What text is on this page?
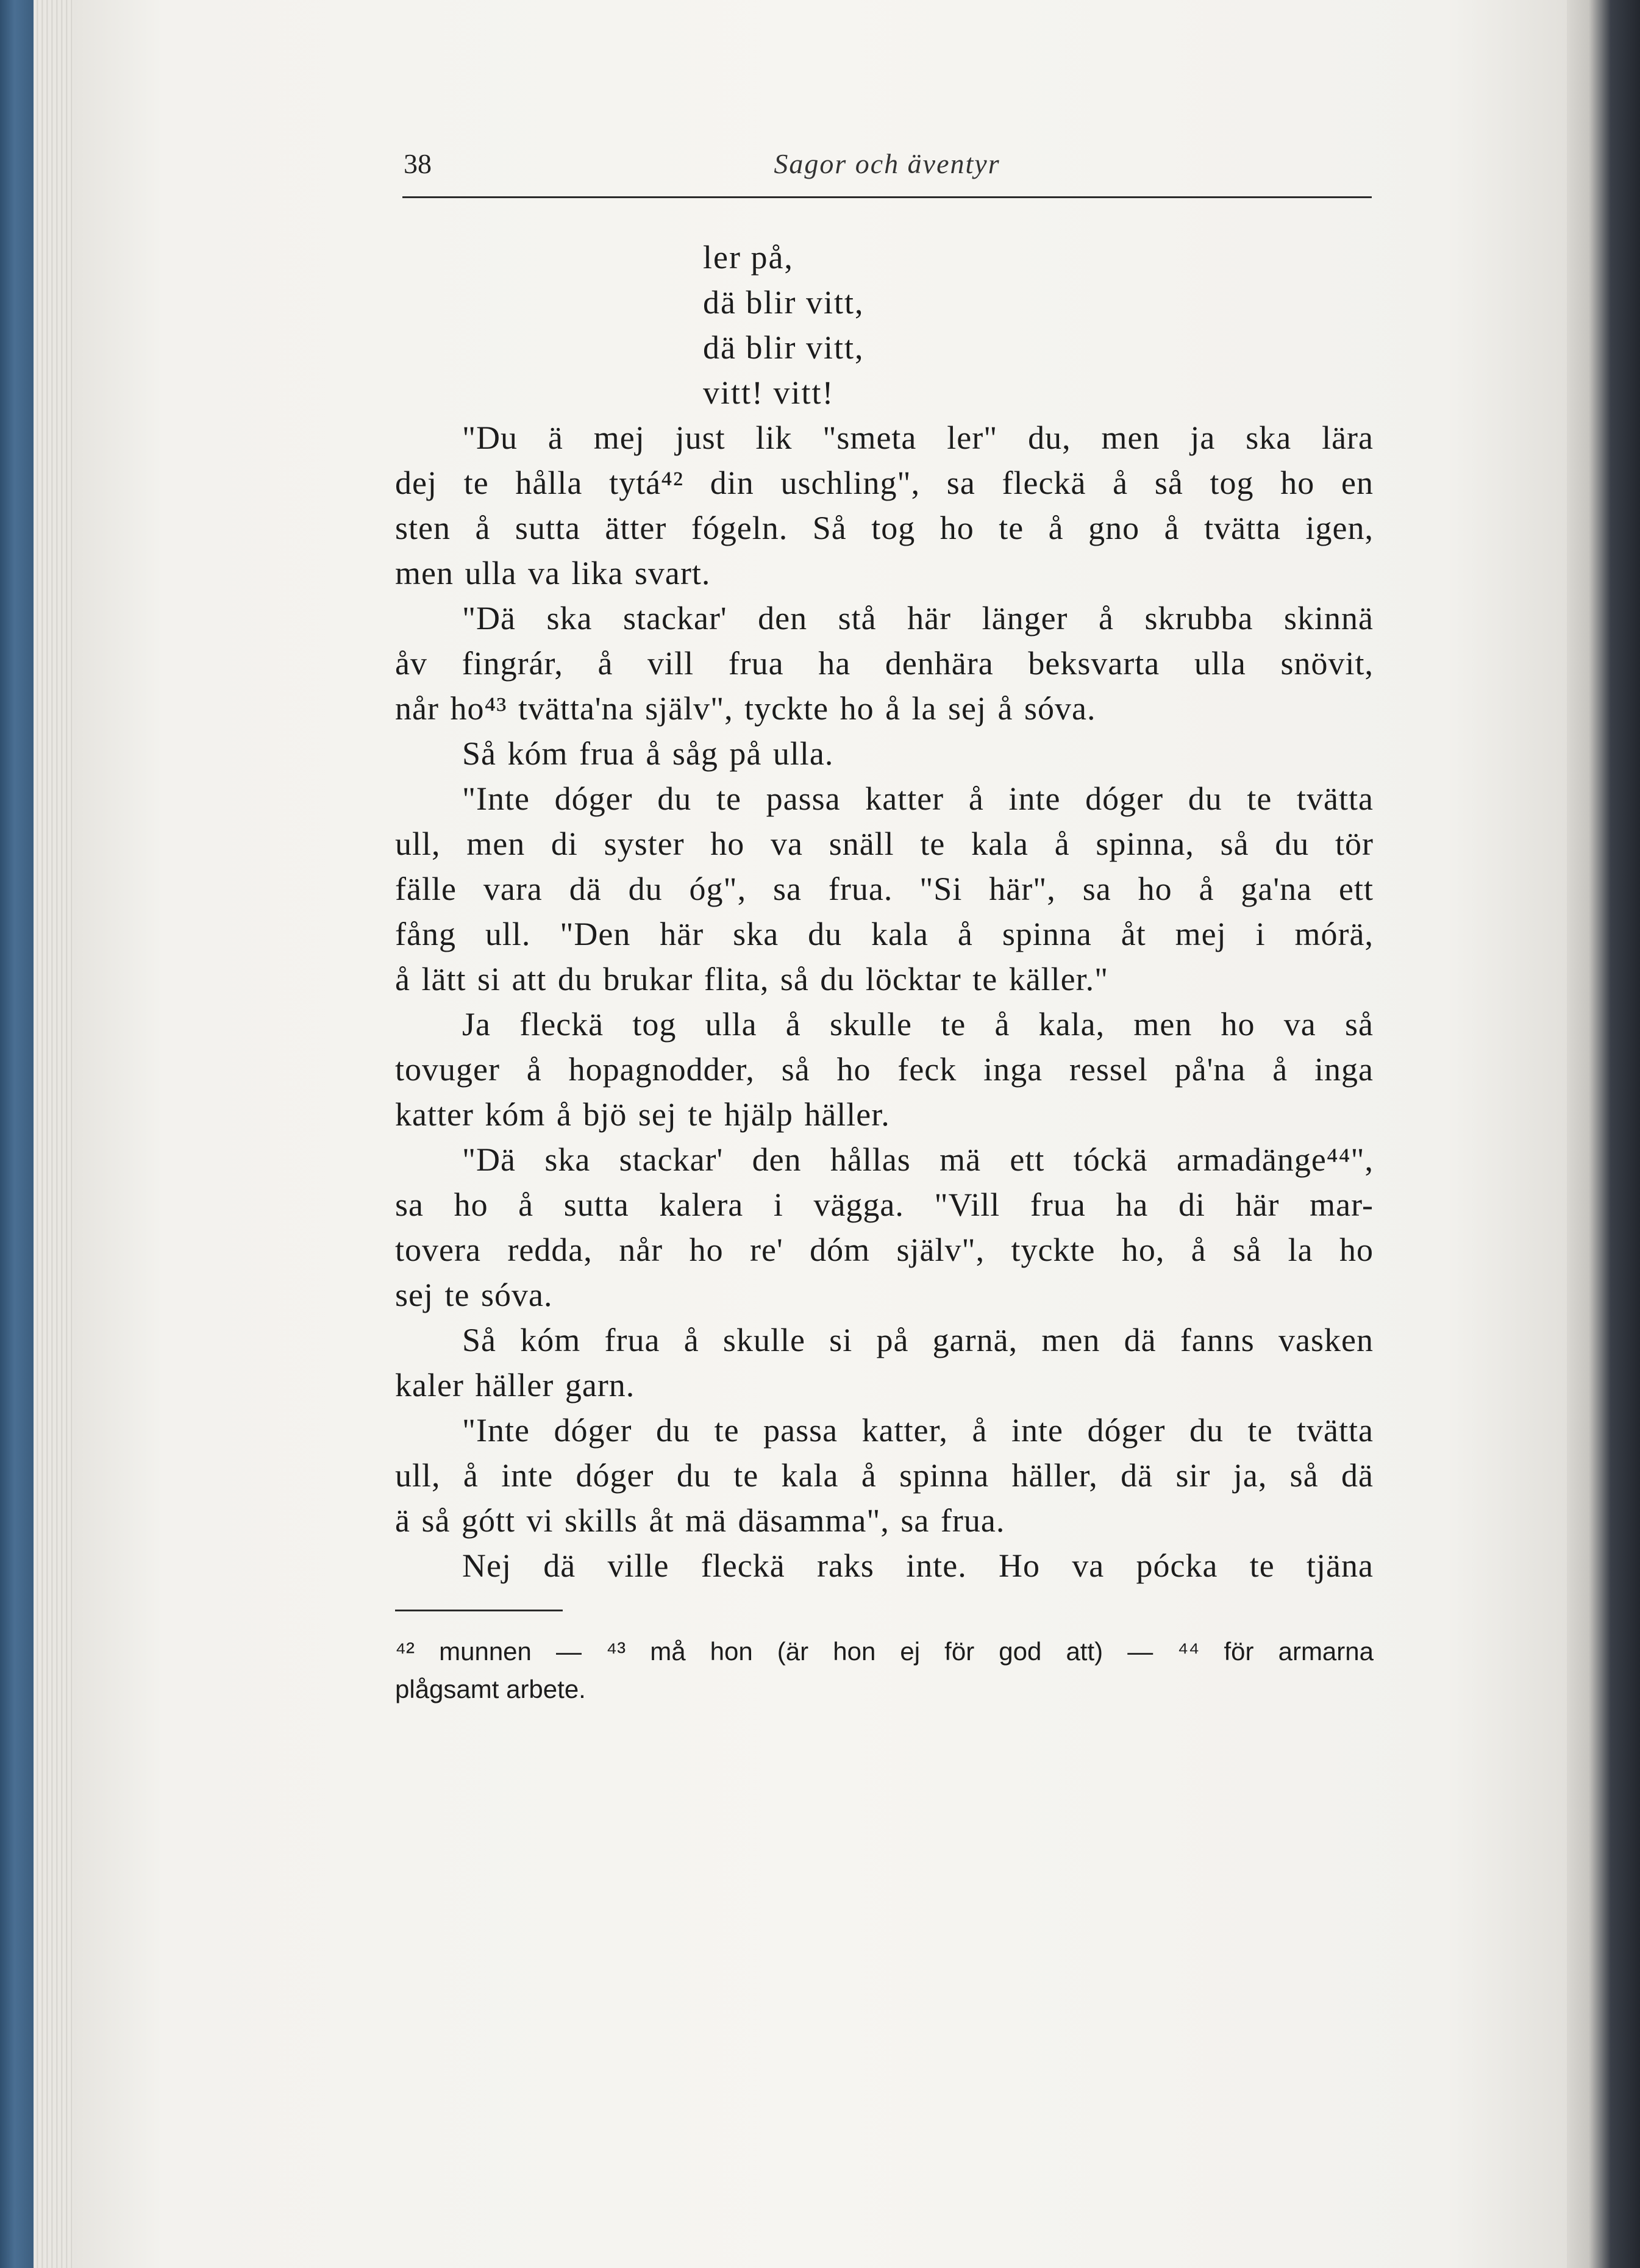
38	Sagor och äventyr
ler på,
dä blir vitt,
dä blir vitt,
vitt! vitt!
"Du ä mej just lik "smeta ler" du, men ja ska lära
dej te hålla tytá⁴² din uschling", sa fleckä å så tog ho en
sten å sutta ätter fógeln. Så tog ho te å gno å tvätta igen,
men ulla va lika svart.
"Dä ska stackar' den stå här länger å skrubba skinnä
åv fingrár, å vill frua ha denhära beksvarta ulla snövit,
når ho⁴³ tvätta'na själv", tyckte ho å la sej å sóva.
Så kóm frua å såg på ulla.
"Inte dóger du te passa katter å inte dóger du te tvätta
ull, men di syster ho va snäll te kala å spinna, så du tör
fälle vara dä du óg", sa frua. "Si här", sa ho å ga'na ett
fång ull. "Den här ska du kala å spinna åt mej i mórä,
å lätt si att du brukar flita, så du löcktar te käller."
Ja fleckä tog ulla å skulle te å kala, men ho va så
tovuger å hopagnodder, så ho feck inga ressel på'na å inga
katter kóm å bjö sej te hjälp häller.
"Dä ska stackar' den hållas mä ett tóckä armadänge⁴⁴",
sa ho å sutta kalera i vägga. "Vill frua ha di här mar-
tovera redda, når ho re' dóm själv", tyckte ho, å så la ho
sej te sóva.
Så kóm frua å skulle si på garnä, men dä fanns vasken
kaler häller garn.
"Inte dóger du te passa katter, å inte dóger du te tvätta
ull, å inte dóger du te kala å spinna häller, dä sir ja, så dä
ä så gótt vi skills åt mä däsamma", sa frua.
Nej dä ville fleckä raks inte. Ho va pócka te tjäna
⁴² munnen — ⁴³ må hon (är hon ej för god att) — ⁴⁴ för armarna
plågsamt arbete.
